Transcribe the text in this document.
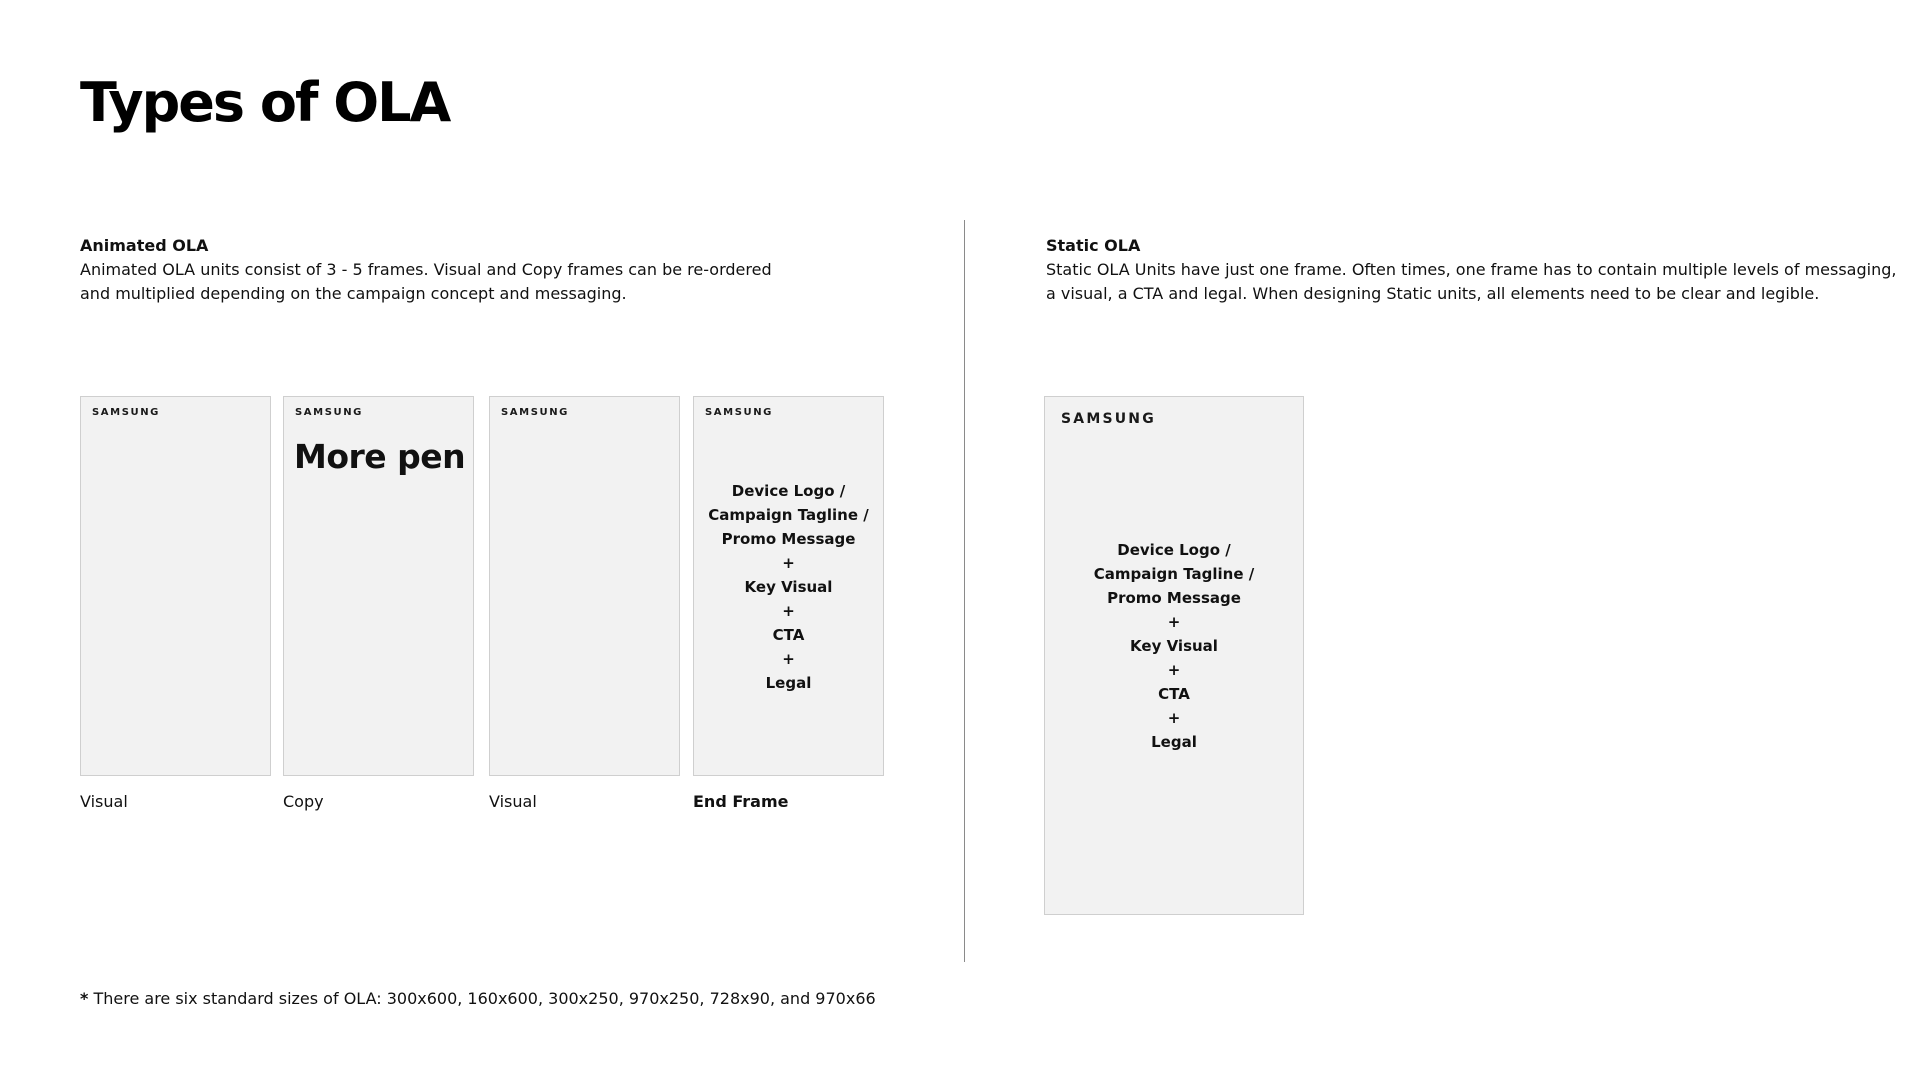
Types of OLA
Animated OLA

Animated OLA units consist of 3 - 5 frames. Visual and Copy frames can be re-ordered
and multiplied depending on the campaign concept and messaging.

SAMSUNG
Visual
SAMSUNG
More pen
Copy
SAMSUNG
Visual
SAMSUNG
Device Logo /
Campaign Tagline /
Promo Message
+
Key Visual
+
CTA
+
Legal
End Frame
Static OLA

Static OLA Units have just one frame. Often times, one frame has to contain multiple levels of messaging,
a visual, a CTA and legal. When designing Static units, all elements need to be clear and legible.

SAMSUNG
Device Logo /
Campaign Tagline /
Promo Message
+
Key Visual
+
CTA
+
Legal
* There are six standard sizes of OLA: 300x600, 160x600, 300x250, 970x250, 728x90, and 970x66
